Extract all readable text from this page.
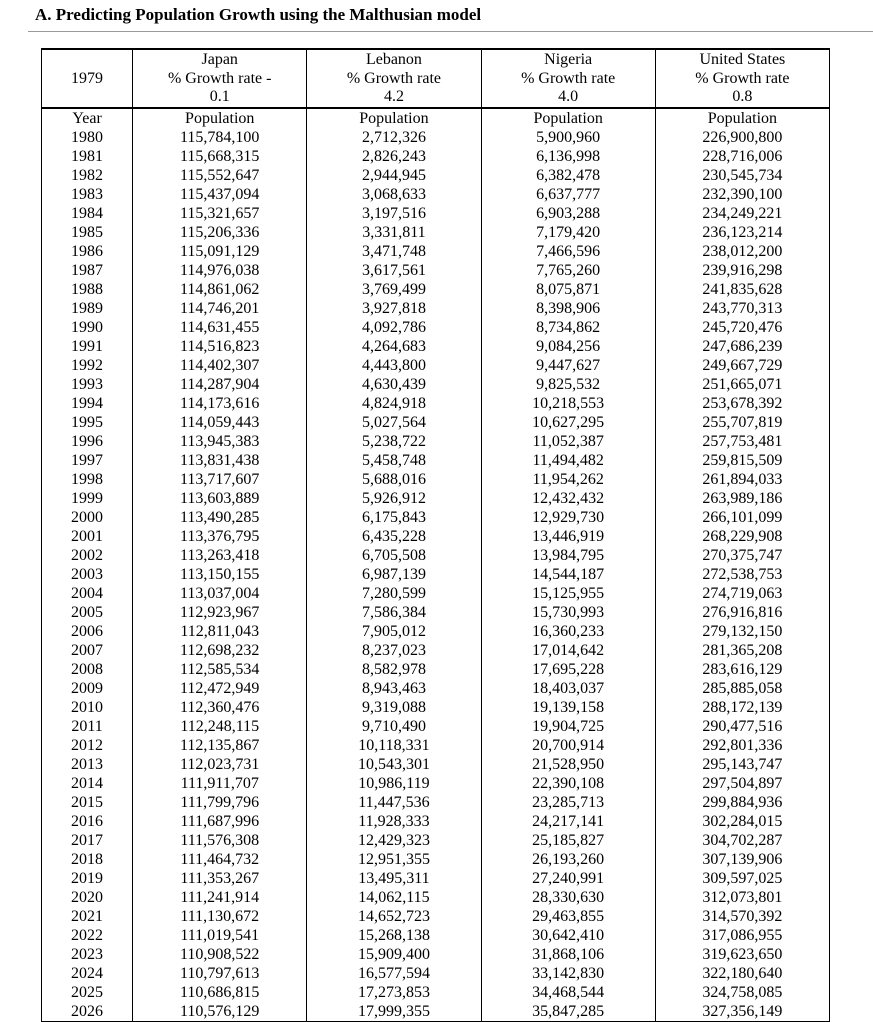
A. Predicting Population Growth using the Malthusian model
	Japan	Lebanon	Nigeria	United States
1979	% Growth rate -	% Growth rate	% Growth rate	% Growth rate
	0.1	4.2	4.0	0.8
Year	Population	Population	Population	Population
1980	115,784,100	2,712,326	5,900,960	226,900,800
1981	115,668,315	2,826,243	6,136,998	228,716,006
1982	115,552,647	2,944,945	6,382,478	230,545,734
1983	115,437,094	3,068,633	6,637,777	232,390,100
1984	115,321,657	3,197,516	6,903,288	234,249,221
1985	115,206,336	3,331,811	7,179,420	236,123,214
1986	115,091,129	3,471,748	7,466,596	238,012,200
1987	114,976,038	3,617,561	7,765,260	239,916,298
1988	114,861,062	3,769,499	8,075,871	241,835,628
1989	114,746,201	3,927,818	8,398,906	243,770,313
1990	114,631,455	4,092,786	8,734,862	245,720,476
1991	114,516,823	4,264,683	9,084,256	247,686,239
1992	114,402,307	4,443,800	9,447,627	249,667,729
1993	114,287,904	4,630,439	9,825,532	251,665,071
1994	114,173,616	4,824,918	10,218,553	253,678,392
1995	114,059,443	5,027,564	10,627,295	255,707,819
1996	113,945,383	5,238,722	11,052,387	257,753,481
1997	113,831,438	5,458,748	11,494,482	259,815,509
1998	113,717,607	5,688,016	11,954,262	261,894,033
1999	113,603,889	5,926,912	12,432,432	263,989,186
2000	113,490,285	6,175,843	12,929,730	266,101,099
2001	113,376,795	6,435,228	13,446,919	268,229,908
2002	113,263,418	6,705,508	13,984,795	270,375,747
2003	113,150,155	6,987,139	14,544,187	272,538,753
2004	113,037,004	7,280,599	15,125,955	274,719,063
2005	112,923,967	7,586,384	15,730,993	276,916,816
2006	112,811,043	7,905,012	16,360,233	279,132,150
2007	112,698,232	8,237,023	17,014,642	281,365,208
2008	112,585,534	8,582,978	17,695,228	283,616,129
2009	112,472,949	8,943,463	18,403,037	285,885,058
2010	112,360,476	9,319,088	19,139,158	288,172,139
2011	112,248,115	9,710,490	19,904,725	290,477,516
2012	112,135,867	10,118,331	20,700,914	292,801,336
2013	112,023,731	10,543,301	21,528,950	295,143,747
2014	111,911,707	10,986,119	22,390,108	297,504,897
2015	111,799,796	11,447,536	23,285,713	299,884,936
2016	111,687,996	11,928,333	24,217,141	302,284,015
2017	111,576,308	12,429,323	25,185,827	304,702,287
2018	111,464,732	12,951,355	26,193,260	307,139,906
2019	111,353,267	13,495,311	27,240,991	309,597,025
2020	111,241,914	14,062,115	28,330,630	312,073,801
2021	111,130,672	14,652,723	29,463,855	314,570,392
2022	111,019,541	15,268,138	30,642,410	317,086,955
2023	110,908,522	15,909,400	31,868,106	319,623,650
2024	110,797,613	16,577,594	33,142,830	322,180,640
2025	110,686,815	17,273,853	34,468,544	324,758,085
2026	110,576,129	17,999,355	35,847,285	327,356,149
